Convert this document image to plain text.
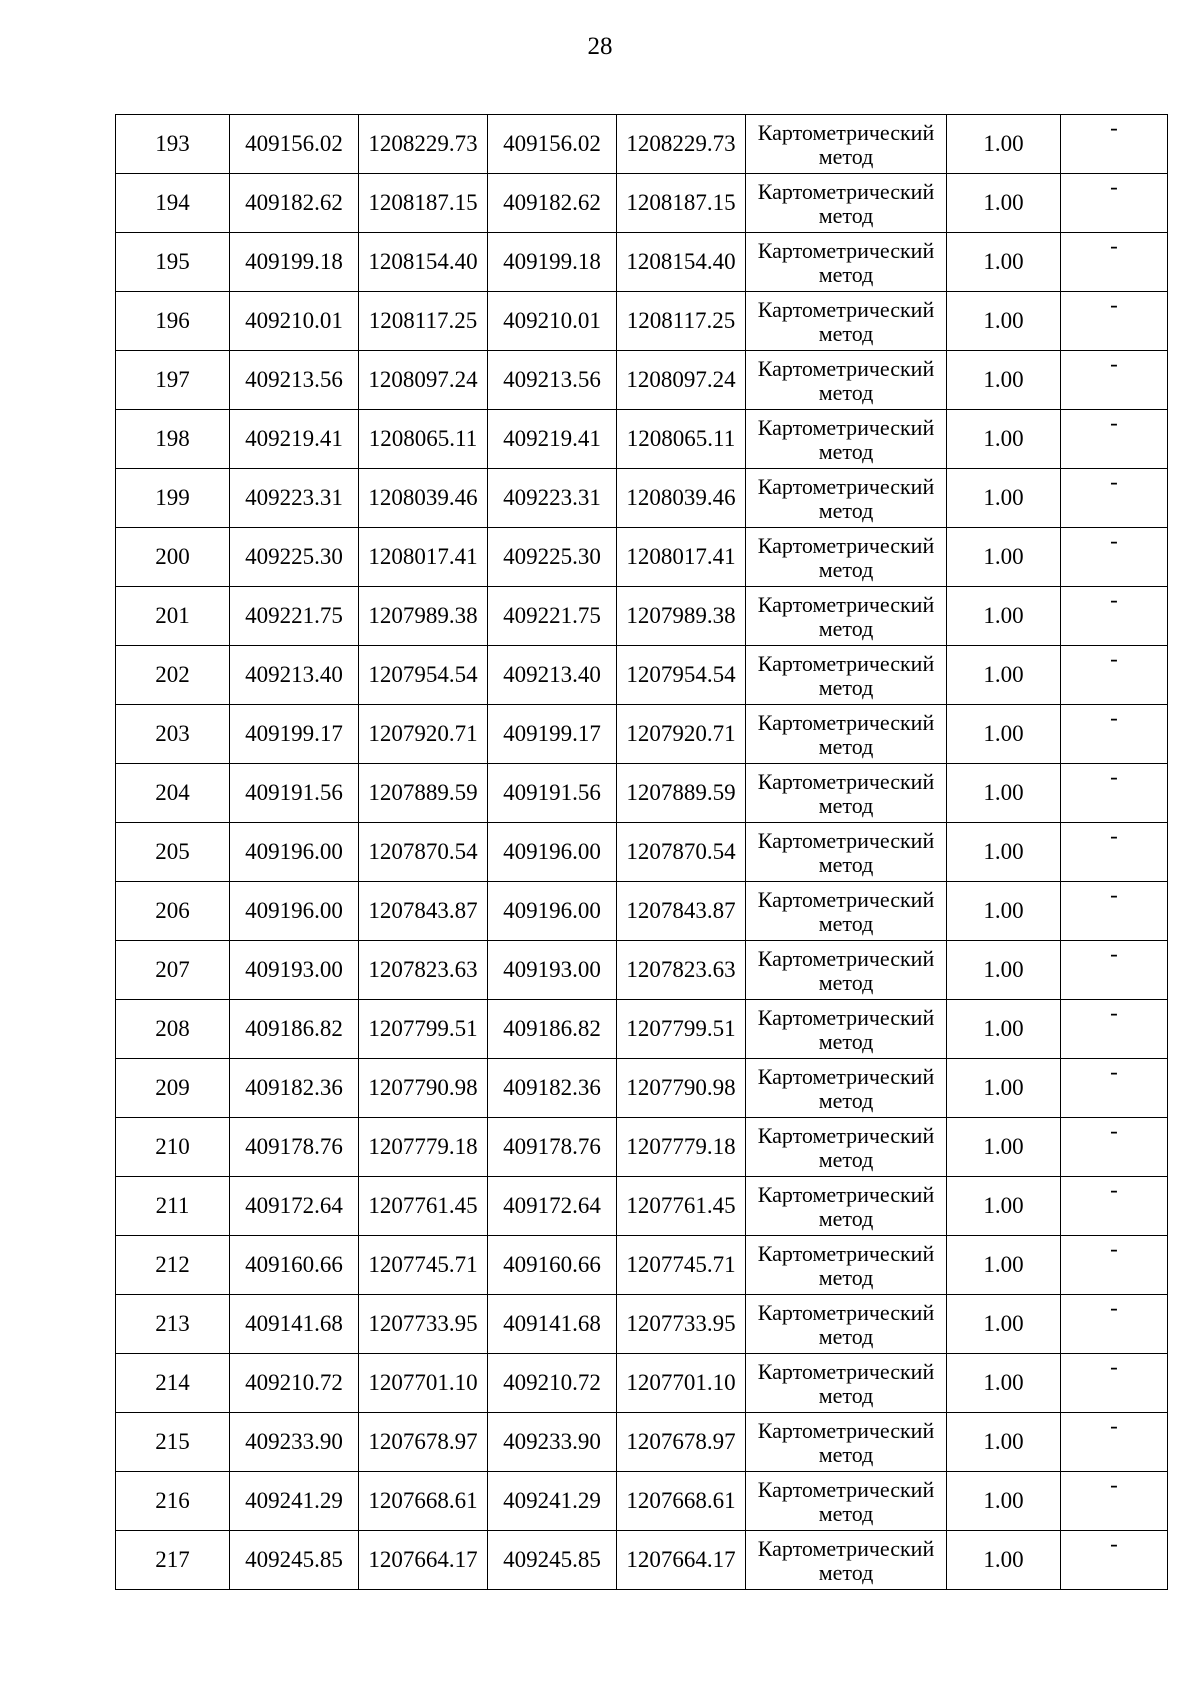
28
193	409156.02	1208229.73	409156.02	1208229.73	Картометрический
метод	1.00	-
194	409182.62	1208187.15	409182.62	1208187.15	Картометрический
метод	1.00	-
195	409199.18	1208154.40	409199.18	1208154.40	Картометрический
метод	1.00	-
196	409210.01	1208117.25	409210.01	1208117.25	Картометрический
метод	1.00	-
197	409213.56	1208097.24	409213.56	1208097.24	Картометрический
метод	1.00	-
198	409219.41	1208065.11	409219.41	1208065.11	Картометрический
метод	1.00	-
199	409223.31	1208039.46	409223.31	1208039.46	Картометрический
метод	1.00	-
200	409225.30	1208017.41	409225.30	1208017.41	Картометрический
метод	1.00	-
201	409221.75	1207989.38	409221.75	1207989.38	Картометрический
метод	1.00	-
202	409213.40	1207954.54	409213.40	1207954.54	Картометрический
метод	1.00	-
203	409199.17	1207920.71	409199.17	1207920.71	Картометрический
метод	1.00	-
204	409191.56	1207889.59	409191.56	1207889.59	Картометрический
метод	1.00	-
205	409196.00	1207870.54	409196.00	1207870.54	Картометрический
метод	1.00	-
206	409196.00	1207843.87	409196.00	1207843.87	Картометрический
метод	1.00	-
207	409193.00	1207823.63	409193.00	1207823.63	Картометрический
метод	1.00	-
208	409186.82	1207799.51	409186.82	1207799.51	Картометрический
метод	1.00	-
209	409182.36	1207790.98	409182.36	1207790.98	Картометрический
метод	1.00	-
210	409178.76	1207779.18	409178.76	1207779.18	Картометрический
метод	1.00	-
211	409172.64	1207761.45	409172.64	1207761.45	Картометрический
метод	1.00	-
212	409160.66	1207745.71	409160.66	1207745.71	Картометрический
метод	1.00	-
213	409141.68	1207733.95	409141.68	1207733.95	Картометрический
метод	1.00	-
214	409210.72	1207701.10	409210.72	1207701.10	Картометрический
метод	1.00	-
215	409233.90	1207678.97	409233.90	1207678.97	Картометрический
метод	1.00	-
216	409241.29	1207668.61	409241.29	1207668.61	Картометрический
метод	1.00	-
217	409245.85	1207664.17	409245.85	1207664.17	Картометрический
метод	1.00	-
